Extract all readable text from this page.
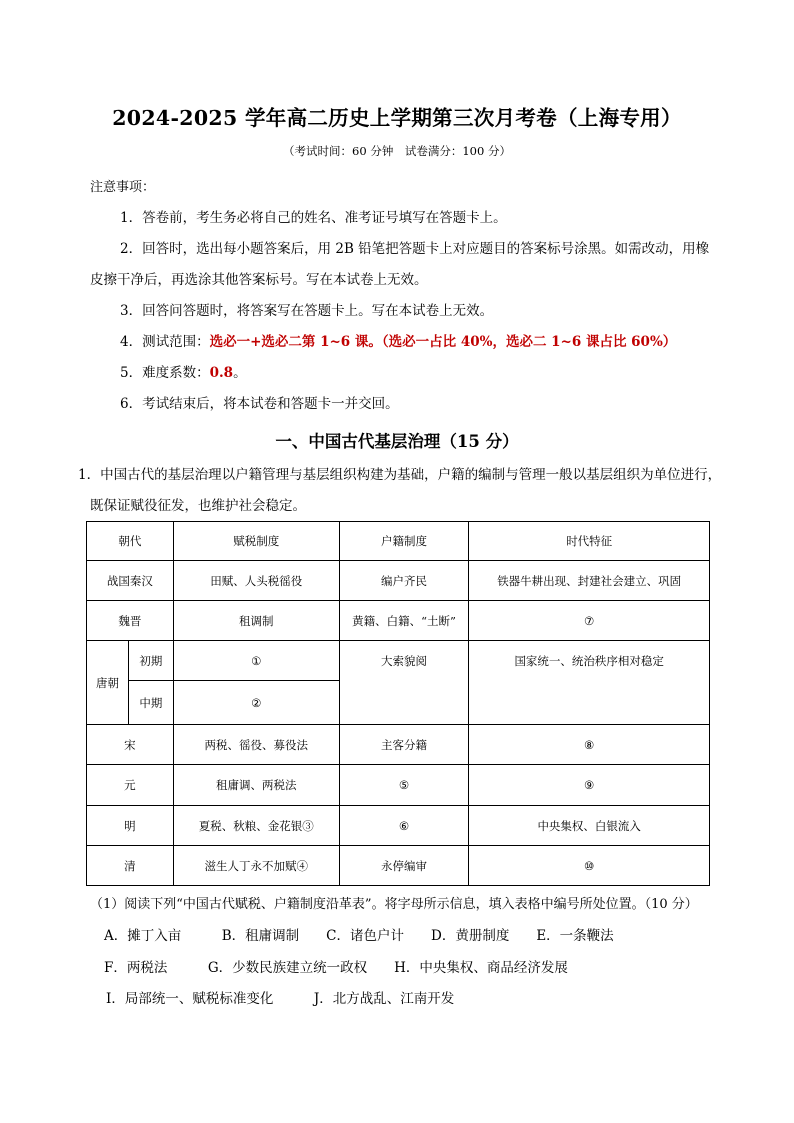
2024-2025 学年高二历史上学期第三次月考卷（上海专用）
（考试时间：60 分钟　试卷满分：100 分）
注意事项：
1．答卷前，考生务必将自己的姓名、准考证号填写在答题卡上。
2．回答时，选出每小题答案后，用 2B 铅笔把答题卡上对应题目的答案标号涂黑。如需改动，用橡
皮擦干净后，再选涂其他答案标号。写在本试卷上无效。
3．回答问答题时，将答案写在答题卡上。写在本试卷上无效。
4．测试范围：选必一+选必二第 1~6 课。（选必一占比 40%，选必二 1~6 课占比 60%）
5．难度系数：0.8。
6．考试结束后，将本试卷和答题卡一并交回。
一、中国古代基层治理（15 分）
1．中国古代的基层治理以户籍管理与基层组织构建为基础，户籍的编制与管理一般以基层组织为单位进行，
既保证赋役征发，也维护社会稳定。
朝代		赋税制度	户籍制度	时代特征
战国秦汉		田赋、人头税徭役	编户齐民	铁器牛耕出现、封建社会建立、巩固
魏晋		租调制	黄籍、白籍、“土断”	⑦
唐朝	初期	①	大索貌阅	国家统一、统治秩序相对稳定
	中期	②		
宋		两税、徭役、募役法	主客分籍	⑧
元		租庸调、两税法	⑤	⑨
明		夏税、秋粮、金花银③	⑥	中央集权、白银流入
清		滋生人丁永不加赋④	永停编审	⑩
（1）阅读下列“中国古代赋税、户籍制度沿革表”。将字母所示信息，填入表格中编号所处位置。（10 分）
A．摊丁入亩　　　B．租庸调制　　C．诸色户计　　D．黄册制度　　E．一条鞭法
F．两税法　　　G．少数民族建立统一政权　　H．中央集权、商品经济发展
I．局部统一、赋税标准变化　　　J．北方战乱、江南开发
